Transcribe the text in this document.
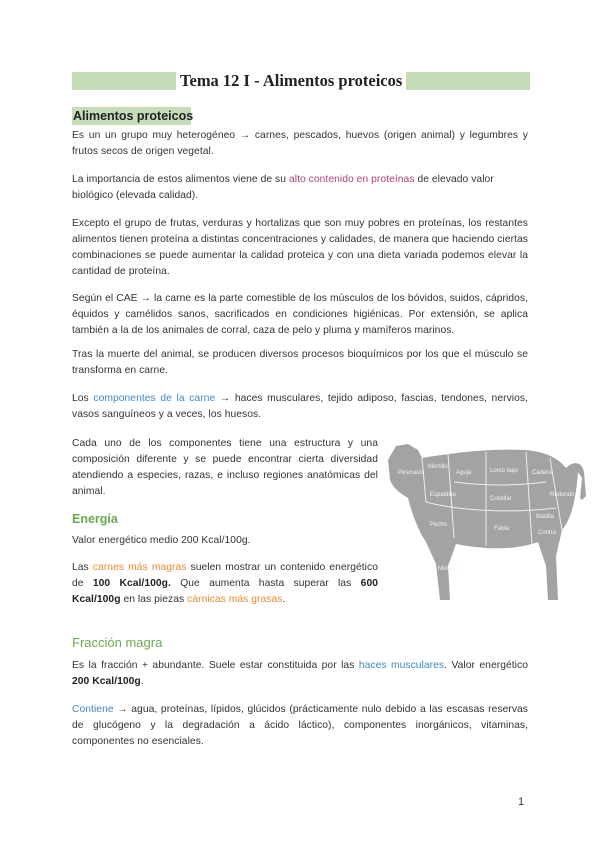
Tema 12 I - Alimentos proteicos
Alimentos proteicos

Es un un grupo muy heterogéneo → carnes, pescados, huevos (origen animal) y legumbres y frutos secos de origen vegetal.

La importancia de estos alimentos viene de su alto contenido en proteínas de elevado valor biológico (elevada calidad).

Excepto el grupo de frutas, verduras y hortalizas que son muy pobres en proteínas, los restantes alimentos tienen proteína a distintas concentraciones y calidades, de manera que haciendo ciertas combinaciones se puede aumentar la calidad proteica y con una dieta variada podemos elevar la cantidad de proteína.

Según el CAE → la carne es la parte comestible de los músculos de los bóvidos, suidos, cápridos, équidos y camélidos sanos, sacrificados en condiciones higiénicas. Por extensión, se aplica también a la de los animales de corral, caza de pelo y pluma y mamíferos marinos.

Tras la muerte del animal, se producen diversos procesos bioquímicos por los que el músculo se transforma en carne.

Los componentes de la carne → haces musculares, tejido adiposo, fascias, tendones, nervios, vasos sanguíneos y a veces, los huesos.

Cada uno de los componentes tiene una estructura y una composición diferente y se puede encontrar cierta diversidad atendiendo a especies, razas, e incluso regiones anatómicas del animal.

Pescuezo
Morrillo
Aguja	Lomo bajo Cadera
Espaldilla
Costillar
Redondo
Pecho
Falda
Babilla
Contra
Morcillo
Energía

Valor energético medio 200 Kcal/100g.

Las carnes más magras suelen mostrar un contenido energético de 100 Kcal/100g. Que aumenta hasta superar las 600 Kcal/100g en las piezas cárnicas más grasas.

Fracción magra

Es la fracción + abundante. Suele estar constituida por las haces musculares. Valor energético 200 Kcal/100g.

Contiene → agua, proteínas, lípidos, glúcidos (prácticamente nulo debido a las escasas reservas de glucógeno y la degradación a ácido láctico), componentes inorgánicos, vitaminas, componentes no esenciales.

1
